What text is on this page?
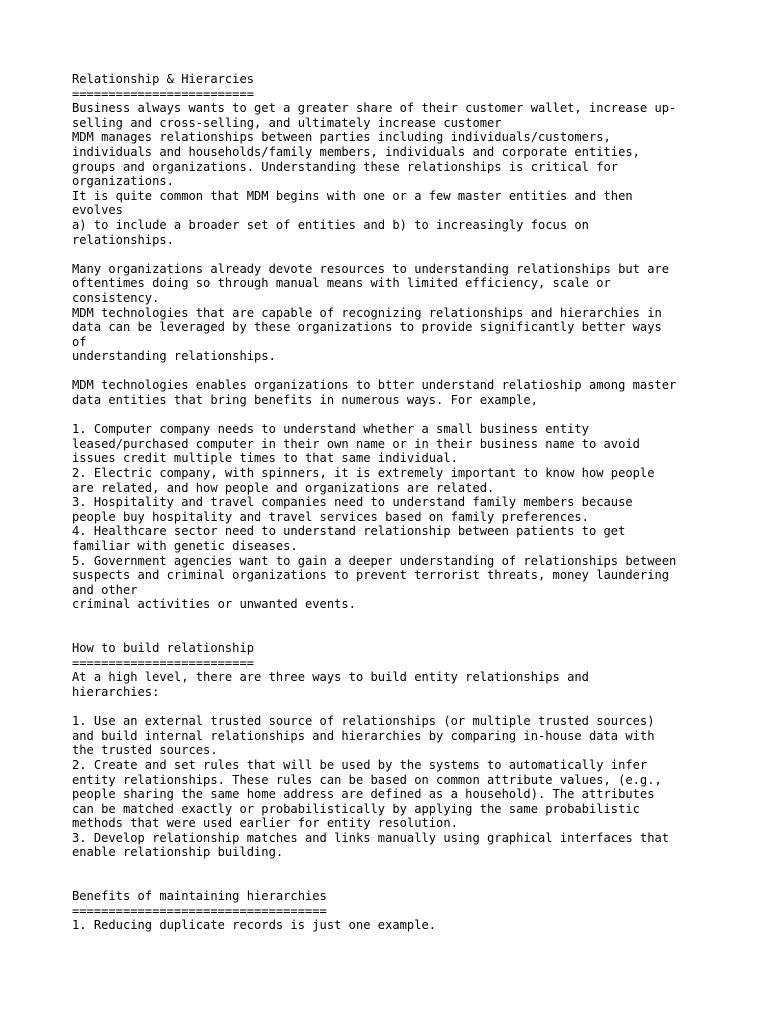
Relationship & Hierarcies
=========================
Business always wants to get a greater share of their customer wallet, increase up-
selling and cross-selling, and ultimately increase customer
MDM manages relationships between parties including individuals/customers,
individuals and households/family members, individuals and corporate entities,
groups and organizations. Understanding these relationships is critical for
organizations.
It is quite common that MDM begins with one or a few master entities and then
evolves
a) to include a broader set of entities and b) to increasingly focus on
relationships.
Many organizations already devote resources to understanding relationships but are
oftentimes doing so through manual means with limited efficiency, scale or
consistency.
MDM technologies that are capable of recognizing relationships and hierarchies in
data can be leveraged by these organizations to provide significantly better ways
of
understanding relationships.
MDM technologies enables organizations to btter understand relatioship among master
data entities that bring benefits in numerous ways. For example,
1. Computer company needs to understand whether a small business entity
leased/purchased computer in their own name or in their business name to avoid
issues credit multiple times to that same individual.
2. Electric company, with spinners, it is extremely important to know how people
are related, and how people and organizations are related.
3. Hospitality and travel companies need to understand family members because
people buy hospitality and travel services based on family preferences.
4. Healthcare sector need to understand relationship between patients to get
familiar with genetic diseases.
5. Government agencies want to gain a deeper understanding of relationships between
suspects and criminal organizations to prevent terrorist threats, money laundering
and other
criminal activities or unwanted events.
How to build relationship
=========================
At a high level, there are three ways to build entity relationships and
hierarchies:
1. Use an external trusted source of relationships (or multiple trusted sources)
and build internal relationships and hierarchies by comparing in-house data with
the trusted sources.
2. Create and set rules that will be used by the systems to automatically infer
entity relationships. These rules can be based on common attribute values, (e.g.,
people sharing the same home address are defined as a household). The attributes
can be matched exactly or probabilistically by applying the same probabilistic
methods that were used earlier for entity resolution.
3. Develop relationship matches and links manually using graphical interfaces that
enable relationship building.
Benefits of maintaining hierarchies
===================================
1. Reducing duplicate records is just one example.
